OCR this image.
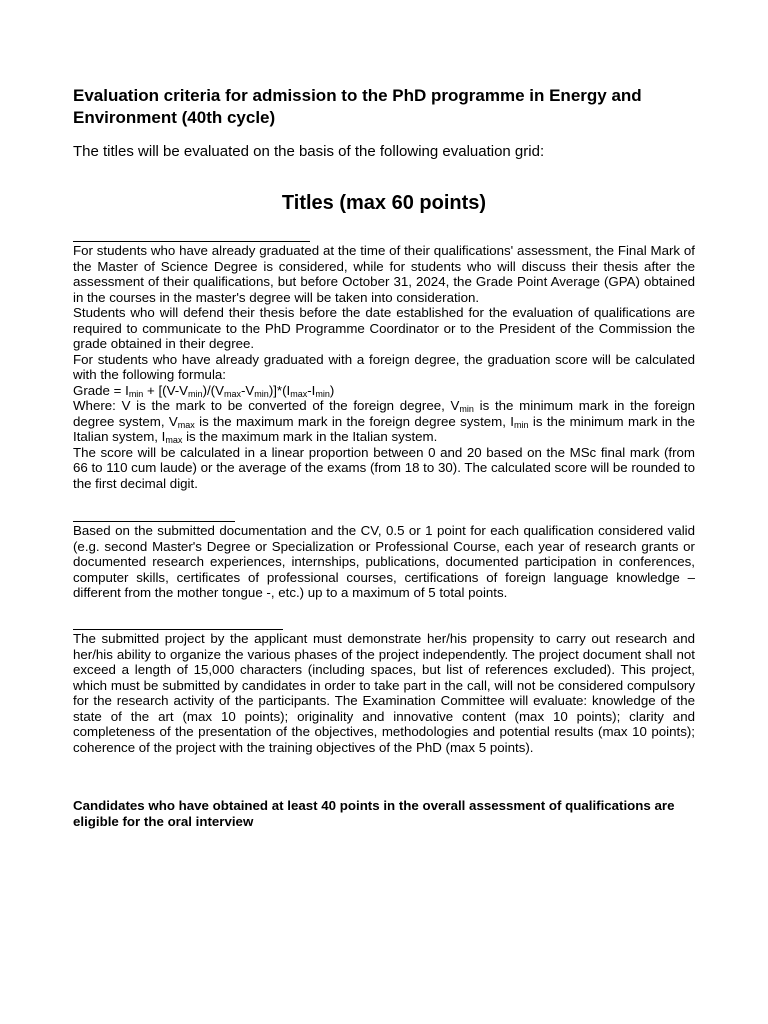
Evaluation criteria for admission to the PhD programme in Energy and Environment (40th cycle)

The titles will be evaluated on the basis of the following evaluation grid:

Titles (max 60 points)

For students who have already graduated at the time of their qualifications' assessment, the Final Mark of the Master of Science Degree is considered, while for students who will discuss their thesis after the assessment of their qualifications, but before October 31, 2024, the Grade Point Average (GPA) obtained in the courses in the master's degree will be taken into consideration.

Students who will defend their thesis before the date established for the evaluation of qualifications are required to communicate to the PhD Programme Coordinator or to the President of the Commission the grade obtained in their degree.

For students who have already graduated with a foreign degree, the graduation score will be calculated with the following formula:

Grade = $I_{min} + [(V-V_{min})/(V_{max}-V_{min})]*(I_{max}-I_{min})$

Where: V is the mark to be converted of the foreign degree, $V_{min}$ is the minimum mark in the foreign degree system, $V_{max}$ is the maximum mark in the foreign degree system, $I_{min}$ is the minimum mark in the Italian system, $I_{max}$ is the maximum mark in the Italian system.

The score will be calculated in a linear proportion between 0 and 20 based on the MSc final mark (from 66 to 110 cum laude) or the average of the exams (from 18 to 30). The calculated score will be rounded to the first decimal digit.

Based on the submitted documentation and the CV, 0.5 or 1 point for each qualification considered valid (e.g. second Master's Degree or Specialization or Professional Course, each year of research grants or documented research experiences, internships, publications, documented participation in conferences, computer skills, certificates of professional courses, certifications of foreign language knowledge – different from the mother tongue -, etc.) up to a maximum of 5 total points.

The submitted project by the applicant must demonstrate her/his propensity to carry out research and her/his ability to organize the various phases of the project independently. The project document shall not exceed a length of 15,000 characters (including spaces, but list of references excluded). This project, which must be submitted by candidates in order to take part in the call, will not be considered compulsory for the research activity of the participants. The Examination Committee will evaluate: knowledge of the state of the art (max 10 points); originality and innovative content (max 10 points); clarity and completeness of the presentation of the objectives, methodologies and potential results (max 10 points); coherence of the project with the training objectives of the PhD (max 5 points).

Candidates who have obtained at least 40 points in the overall assessment of qualifications are eligible for the oral interview
